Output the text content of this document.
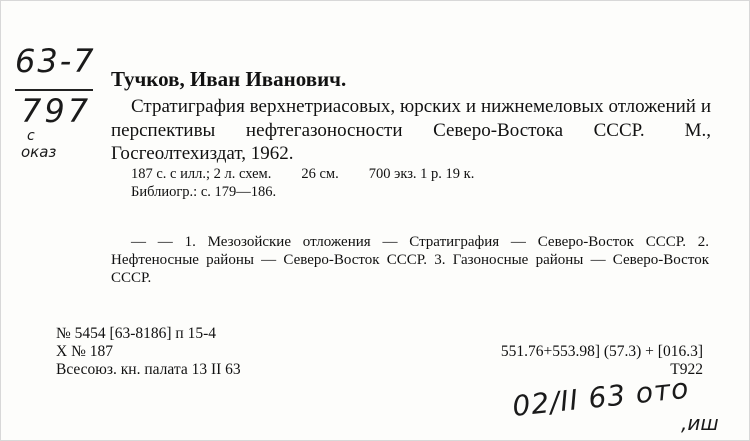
63-7
797
с
оказ
Тучков, Иван Иванович.
Стратиграфия верхнетриасовых, юрских и нижнемеловых отложений и перспективы нефтегазоносности Северо-Востока СССР. М., Госгеолтехиздат, 1962.
187 с. с илл.; 2 л. схем. 26 см. 700 экз. 1 р. 19 к.
Библиогр.: с. 179—186.
— — 1. Мезозойские отложения — Стратиграфия — Северо-Восток СССР. 2. Нефтеносные районы — Северо-Восток СССР. 3. Газоносные районы — Северо-Восток СССР.
№ 5454 [63-8186] п 15-4
X № 187
Всесоюз. кн. палата 13 II 63
551.76+553.98] (57.3) + [016.3]
Т922
02/II 63 ото
,иш
